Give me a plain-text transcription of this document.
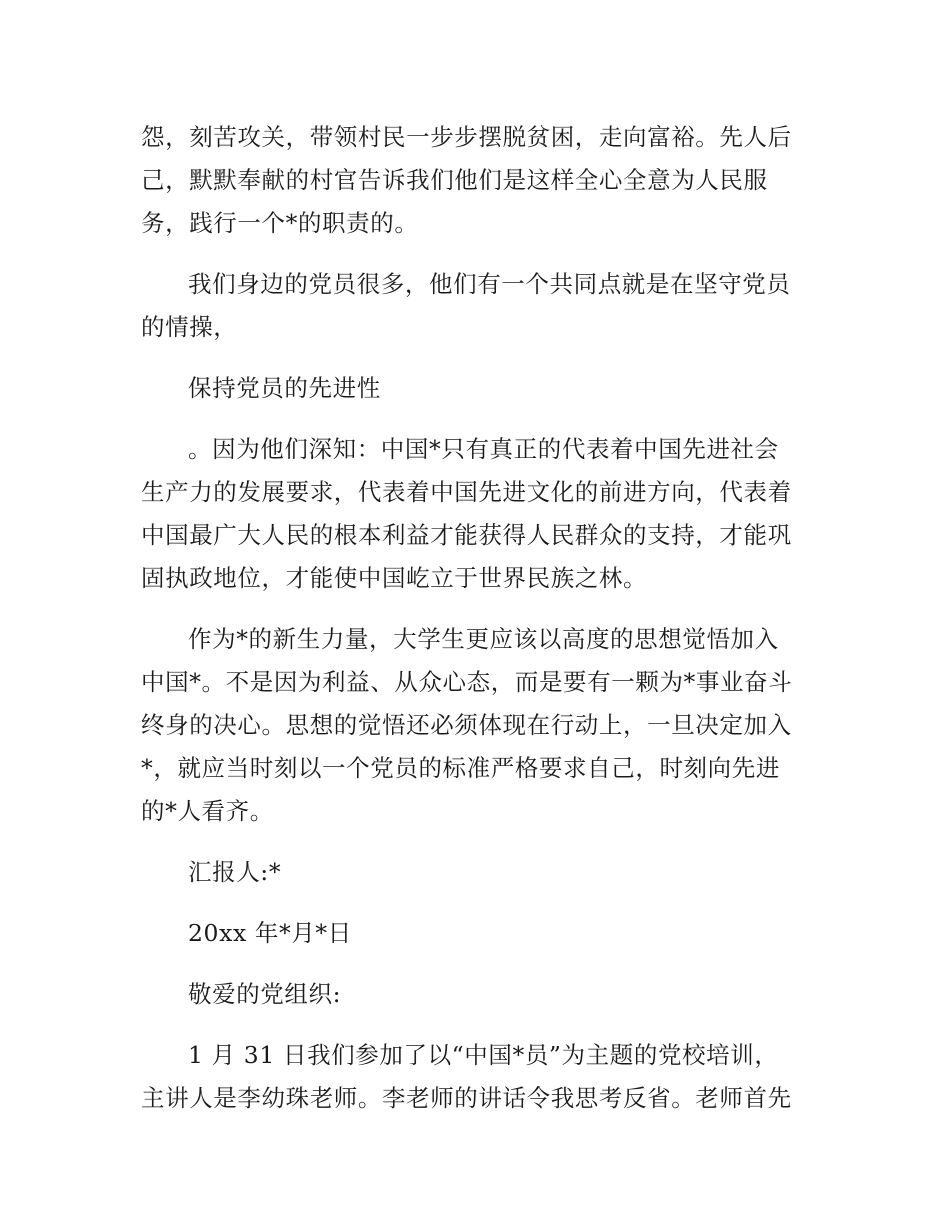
怨，刻苦攻关，带领村民一步步摆脱贫困，走向富裕。先人后
己，默默奉献的村官告诉我们他们是这样全心全意为人民服
务，践行一个*的职责的。

我们身边的党员很多，他们有一个共同点就是在坚守党员
的情操，

保持党员的先进性

。因为他们深知：中国*只有真正的代表着中国先进社会
生产力的发展要求，代表着中国先进文化的前进方向，代表着
中国最广大人民的根本利益才能获得人民群众的支持，才能巩
固执政地位，才能使中国屹立于世界民族之林。

作为*的新生力量，大学生更应该以高度的思想觉悟加入
中国*。不是因为利益、从众心态，而是要有一颗为*事业奋斗
终身的决心。思想的觉悟还必须体现在行动上，一旦决定加入
*，就应当时刻以一个党员的标准严格要求自己，时刻向先进
的*人看齐。

汇报人:*

20xx 年*月*日

敬爱的党组织:

1 月 31 日我们参加了以“中国*员”为主题的党校培训，
主讲人是李幼珠老师。李老师的讲话令我思考反省。老师首先
